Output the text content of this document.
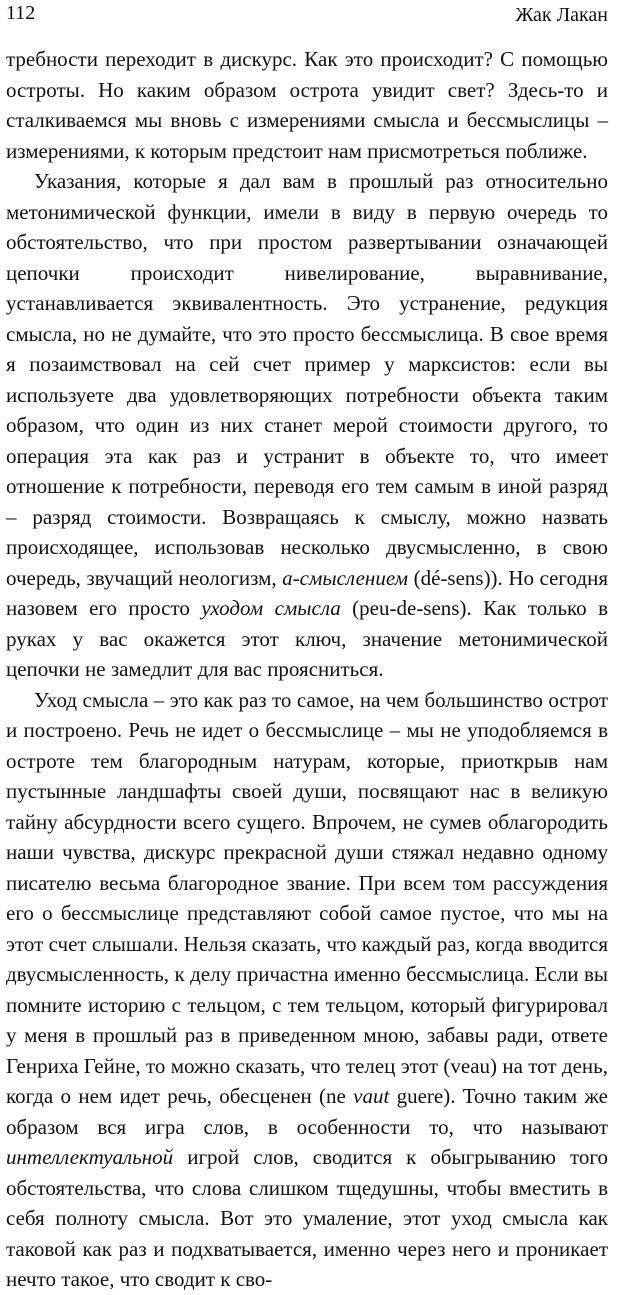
112	Жак Лакан

требности переходит в дискурс. Как это происходит? С помощью остроты. Но каким образом острота увидит свет? Здесь-то и сталкиваемся мы вновь с измерениями смысла и бессмыслицы – измерениями, к которым предстоит нам присмотреться поближе.

Указания, которые я дал вам в прошлый раз относительно метонимической функции, имели в виду в первую очередь то обстоятельство, что при простом развертывании означающей цепочки происходит нивелирование, выравнивание, устанавливается эквивалентность. Это устранение, редукция смысла, но не думайте, что это просто бессмыслица. В свое время я позаимствовал на сей счет пример у марксистов: если вы используете два удовлетворяющих потребности объекта таким образом, что один из них станет мерой стоимости другого, то операция эта как раз и устранит в объекте то, что имеет отношение к потребности, переводя его тем самым в иной разряд – разряд стоимости. Возвращаясь к смыслу, можно назвать происходящее, использовав несколько двусмысленно, в свою очередь, звучащий неологизм, а-смыслением (dé-sens)). Но сегодня назовем его просто уходом смысла (peu-de-sens). Как только в руках у вас окажется этот ключ, значение метонимической цепочки не замедлит для вас проясниться.

Уход смысла – это как раз то самое, на чем большинство острот и построено. Речь не идет о бессмыслице – мы не уподобляемся в остроте тем благородным натурам, которые, приоткрыв нам пустынные ландшафты своей души, посвящают нас в великую тайну абсурдности всего сущего. Впрочем, не сумев облагородить наши чувства, дискурс прекрасной души стяжал недавно одному писателю весьма благородное звание. При всем том рассуждения его о бессмыслице представляют собой самое пустое, что мы на этот счет слышали. Нельзя сказать, что каждый раз, когда вводится двусмысленность, к делу причастна именно бессмыслица. Если вы помните историю с тельцом, с тем тельцом, который фигурировал у меня в прошлый раз в приведенном мною, забавы ради, ответе Генриха Гейне, то можно сказать, что телец этот (veau) на тот день, когда о нем идет речь, обесценен (ne vaut guere). Точно таким же образом вся игра слов, в особенности то, что называют интеллектуальной игрой слов, сводится к обыгрыванию того обстоятельства, что слова слишком тщедушны, чтобы вместить в себя полноту смысла. Вот это умаление, этот уход смысла как таковой как раз и подхватывается, именно через него и проникает нечто такое, что сводит к сво-
